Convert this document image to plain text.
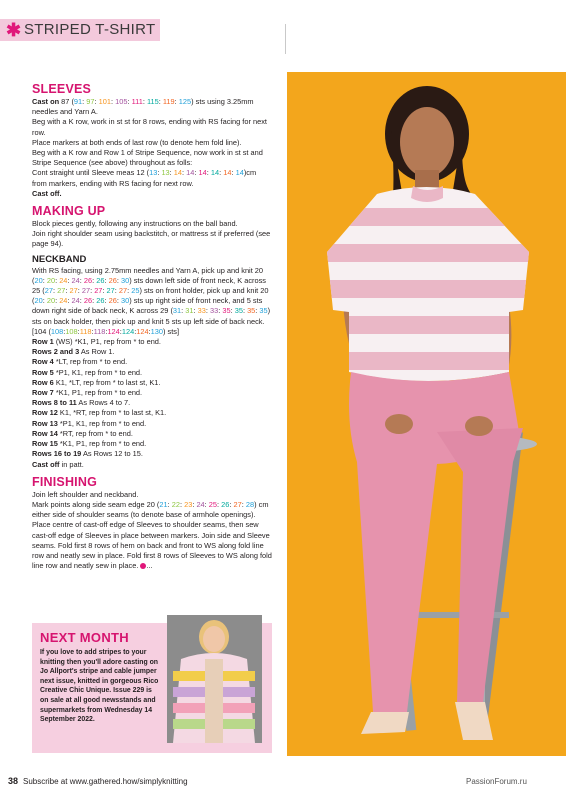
✱ STRIPED T-SHIRT
SLEEVES

Cast on 87 (91: 97: 101: 105: 111: 115: 119: 125) sts using 3.25mm needles and Yarn A.

Beg with a K row, work in st st for 8 rows, ending with RS facing for next row.

Place markers at both ends of last row (to denote hem fold line).

Beg with a K row and Row 1 of Stripe Sequence, now work in st st and Stripe Sequence (see above) throughout as folls:

Cont straight until Sleeve meas 12 (13: 13: 14: 14: 14: 14: 14: 14)cm from markers, ending with RS facing for next row.

Cast off.

MAKING UP

Block pieces gently, following any instructions on the ball band.

Join right shoulder seam using backstitch, or mattress st if preferred (see page 94).

NECKBAND

With RS facing, using 2.75mm needles and Yarn A, pick up and knit 20 (20: 20: 24: 24: 26: 26: 26: 30) sts down left side of front neck, K across 25 (27: 27: 27: 27: 27: 27: 27: 25) sts on front holder, pick up and knit 20 (20: 20: 24: 24: 26: 26: 26: 30) sts up right side of front neck, and 5 sts down right side of back neck, K across 29 (31: 31: 33: 33: 35: 35: 35: 35) sts on back holder, then pick up and knit 5 sts up left side of back neck.

[104 (108:108:118:118:124:124:124:130) sts]

Row 1 (WS) *K1, P1, rep from * to end.

Rows 2 and 3 As Row 1.

Row 4 *LT, rep from * to end.

Row 5 *P1, K1, rep from * to end.

Row 6 K1, *LT, rep from * to last st, K1.

Row 7 *K1, P1, rep from * to end.

Rows 8 to 11 As Rows 4 to 7.

Row 12 K1, *RT, rep from * to last st, K1.

Row 13 *P1, K1, rep from * to end.

Row 14 *RT, rep from * to end.

Row 15 *K1, P1, rep from * to end.

Rows 16 to 19 As Rows 12 to 15.

Cast off in patt.

FINISHING

Join left shoulder and neckband.

Mark points along side seam edge 20 (21: 22: 23: 24: 25: 26: 27: 28) cm either side of shoulder seams (to denote base of armhole openings).

Place centre of cast-off edge of Sleeves to shoulder seams, then sew cast-off edge of Sleeves in place between markers. Join side and Sleeve seams. Fold first 8 rows of hem on back and front to WS along fold line row and neatly sew in place. Fold first 8 rows of Sleeves to WS along fold line row and neatly sew in place. ...

NEXT MONTH
If you love to add stripes to your knitting then you'll adore casting on Jo Allport's stripe and cable jumper next issue, knitted in gorgeous Rico Creative Chic Unique. Issue 229 is on sale at all good newsstands and supermarkets from Wednesday 14 September 2022.
38 Subscribe at www.gathered.how/simplyknitting	PassionForum.ru
